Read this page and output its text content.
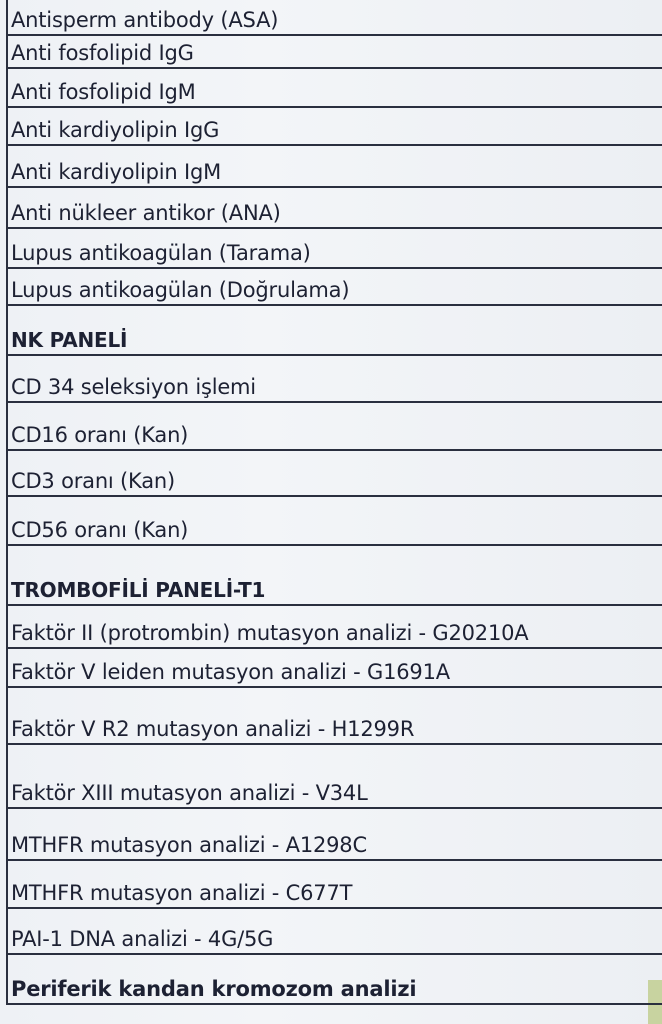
Antisperm antibody (ASA)
Anti fosfolipid IgG
Anti fosfolipid IgM
Anti kardiyolipin IgG
Anti kardiyolipin IgM
Anti nükleer antikor (ANA)
Lupus antikoagülan (Tarama)
Lupus antikoagülan (Doğrulama)
NK PANELİ
CD 34 seleksiyon işlemi
CD16 oranı (Kan)
CD3 oranı (Kan)
CD56 oranı (Kan)
TROMBOFİLİ PANELİ-T1
Faktör II (protrombin) mutasyon analizi - G20210A
Faktör V leiden mutasyon analizi - G1691A
Faktör V R2 mutasyon analizi - H1299R
Faktör XIII mutasyon analizi - V34L
MTHFR mutasyon analizi - A1298C
MTHFR mutasyon analizi - C677T
PAI-1 DNA analizi - 4G/5G
Periferik kandan kromozom analizi
